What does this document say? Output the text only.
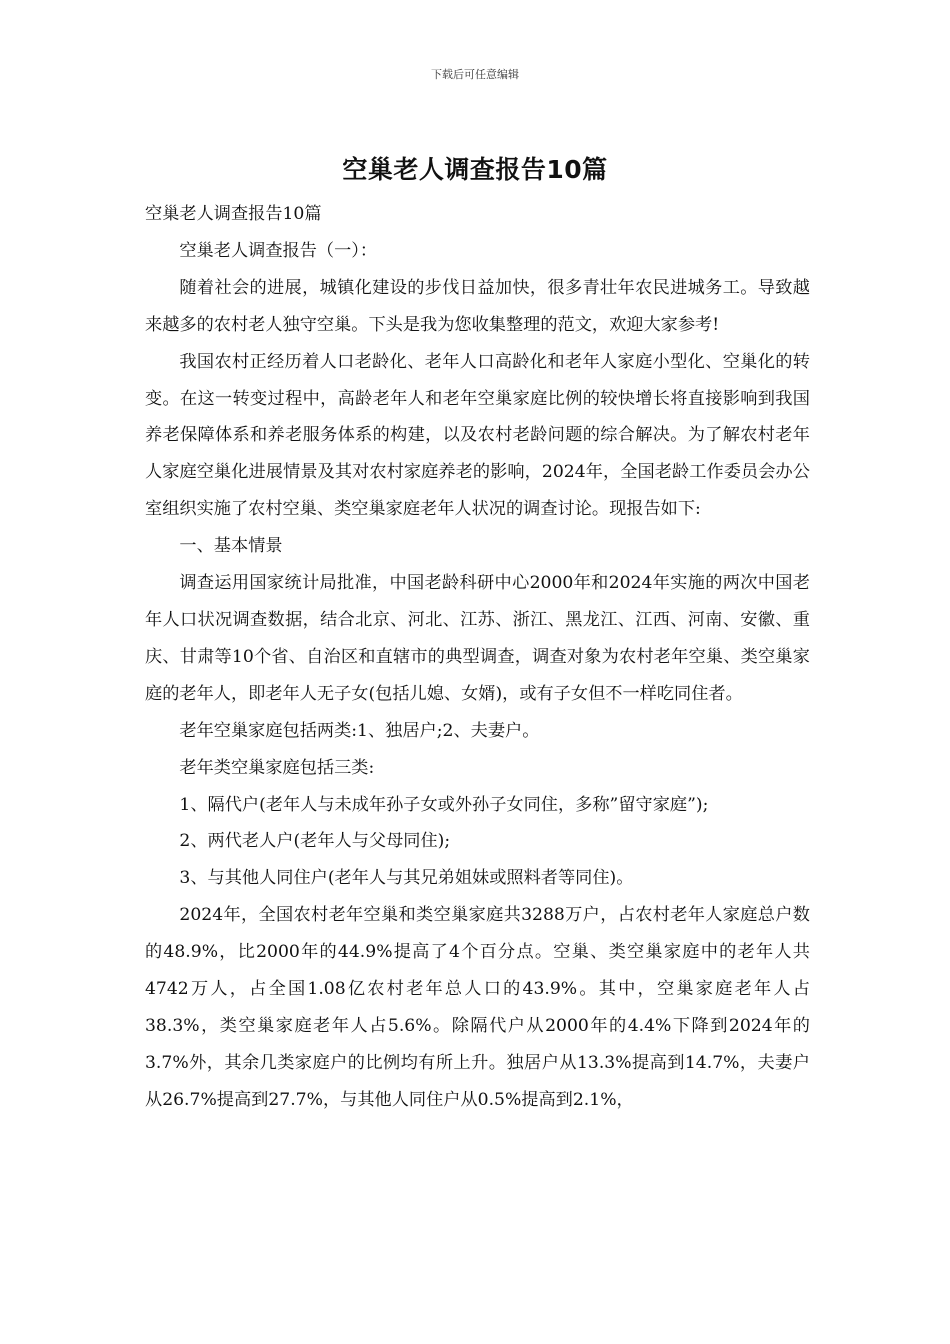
下载后可任意编辑
空巢老人调查报告10篇

空巢老人调查报告10篇

空巢老人调查报告（一）：

随着社会的进展，城镇化建设的步伐日益加快，很多青壮年农民进城务工。导致越来越多的农村老人独守空巢。下头是我为您收集整理的范文，欢迎大家参考!

我国农村正经历着人口老龄化、老年人口高龄化和老年人家庭小型化、空巢化的转变。在这一转变过程中，高龄老年人和老年空巢家庭比例的较快增长将直接影响到我国养老保障体系和养老服务体系的构建，以及农村老龄问题的综合解决。为了解农村老年人家庭空巢化进展情景及其对农村家庭养老的影响，2024年，全国老龄工作委员会办公室组织实施了农村空巢、类空巢家庭老年人状况的调查讨论。现报告如下:

一、基本情景

调查运用国家统计局批准，中国老龄科研中心2000年和2024年实施的两次中国老年人口状况调查数据，结合北京、河北、江苏、浙江、黑龙江、江西、河南、安徽、重庆、甘肃等10个省、自治区和直辖市的典型调查，调查对象为农村老年空巢、类空巢家庭的老年人，即老年人无子女(包括儿媳、女婿)，或有子女但不一样吃同住者。

老年空巢家庭包括两类:1、独居户;2、夫妻户。

老年类空巢家庭包括三类:

1、隔代户(老年人与未成年孙子女或外孙子女同住，多称”留守家庭”);

2、两代老人户(老年人与父母同住);

3、与其他人同住户(老年人与其兄弟姐妹或照料者等同住)。

2024年，全国农村老年空巢和类空巢家庭共3288万户，占农村老年人家庭总户数的48.9%，比2000年的44.9%提高了4个百分点。空巢、类空巢家庭中的老年人共4742万人，占全国1.08亿农村老年总人口的43.9%。其中，空巢家庭老年人占38.3%，类空巢家庭老年人占5.6%。除隔代户从2000年的4.4%下降到2024年的3.7%外，其余几类家庭户的比例均有所上升。独居户从13.3%提高到14.7%，夫妻户从26.7%提高到27.7%，与其他人同住户从0.5%提高到2.1%，
